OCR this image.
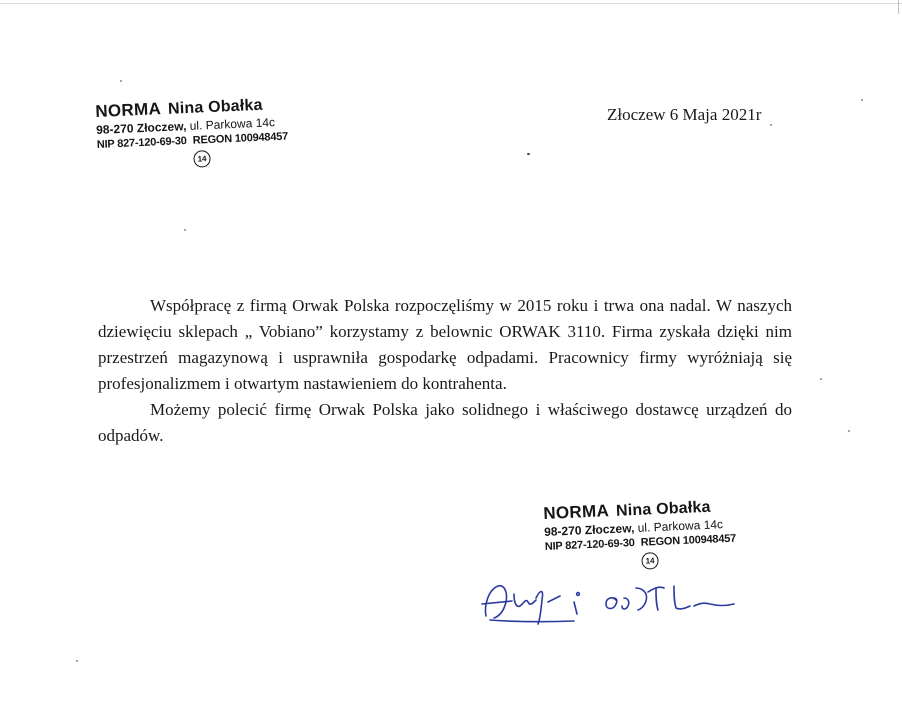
NORMA Nina Obałka
98-270 Złoczew, ul. Parkowa 14c
NIP 827-120-69-30 REGON 100948457
14
Złoczew 6 Maja 2021r

Współpracę z firmą Orwak Polska rozpoczęliśmy w 2015 roku i trwa ona nadal. W naszych dziewięciu sklepach „ Vobiano” korzystamy z belownic ORWAK 3110. Firma zyskała dzięki nim przestrzeń magazynową i usprawniła gospodarkę odpadami. Pracownicy firmy wyróżniają się profesjonalizmem i otwartym nastawieniem do kontrahenta.

Możemy polecić firmę Orwak Polska jako solidnego i właściwego dostawcę urządzeń do odpadów.

NORMA Nina Obałka
98-270 Złoczew, ul. Parkowa 14c
NIP 827-120-69-30 REGON 100948457
14
